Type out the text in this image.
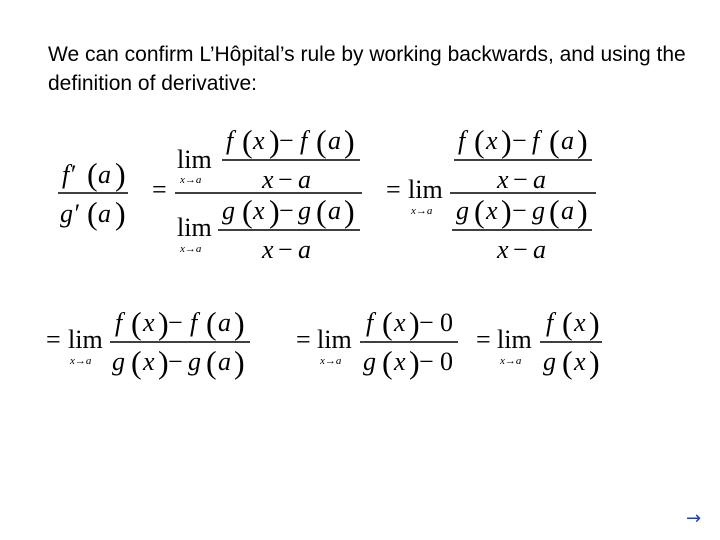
We can confirm L’Hôpital’s rule by working backwards, and using the definition of derivative:
f′ ( a )
g′ ( a )
=
lim
x→a
f ( x ) − f ( a )
x − a
lim
x→a
g ( x ) − g ( a )
x − a
= lim
x→a
f ( x ) − f ( a )
x − a
g ( x ) − g ( a )
x − a
= lim
x→a
f ( x ) − f ( a )
g ( x ) − g ( a )
= lim
x→a
f ( x ) − 0
g ( x ) − 0
= lim
x→a
f ( x )
g ( x )
→
